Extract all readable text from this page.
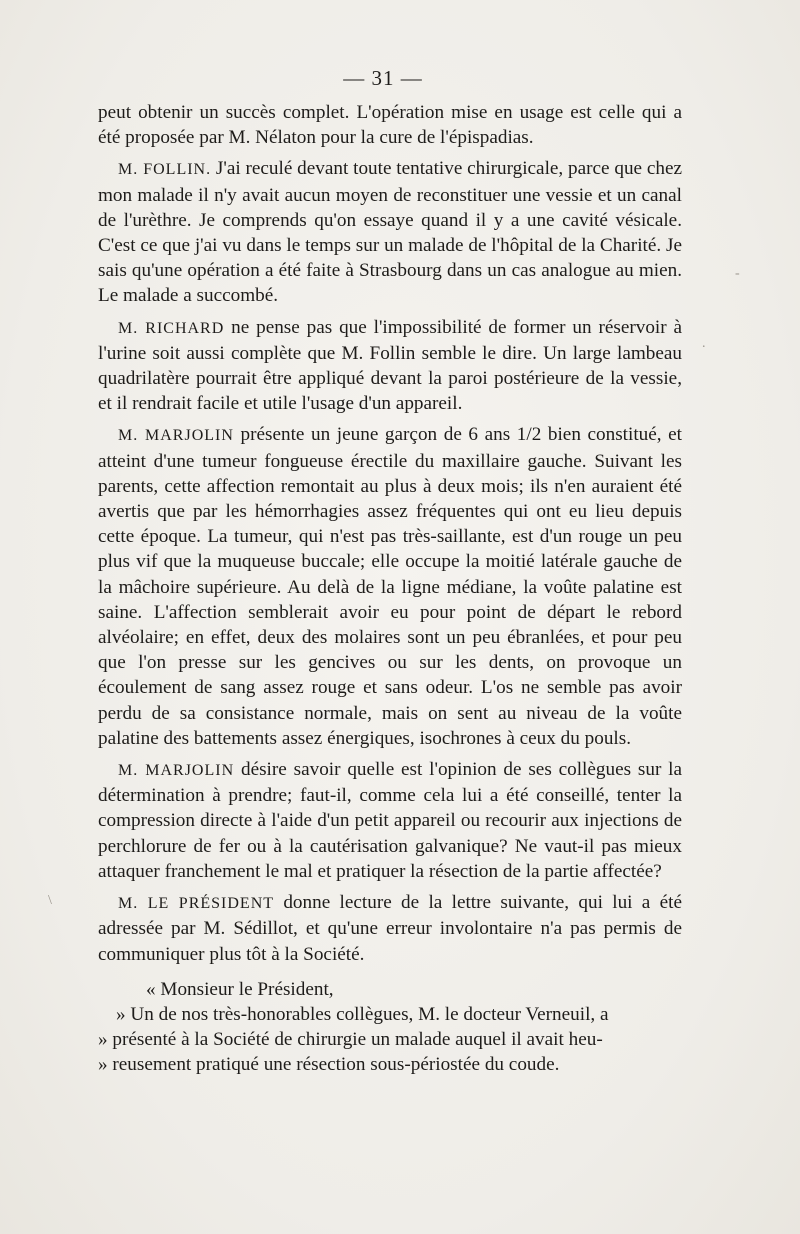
— 31 —

peut obtenir un succès complet. L'opération mise en usage est celle qui a été proposée par M. Nélaton pour la cure de l'épispadias.

M. FOLLIN. J'ai reculé devant toute tentative chirurgicale, parce que chez mon malade il n'y avait aucun moyen de reconstituer une vessie et un canal de l'urèthre. Je comprends qu'on essaye quand il y a une cavité vésicale. C'est ce que j'ai vu dans le temps sur un malade de l'hôpital de la Charité. Je sais qu'une opération a été faite à Strasbourg dans un cas analogue au mien. Le malade a succombé.

M. RICHARD ne pense pas que l'impossibilité de former un réservoir à l'urine soit aussi complète que M. Follin semble le dire. Un large lambeau quadrilatère pourrait être appliqué devant la paroi postérieure de la vessie, et il rendrait facile et utile l'usage d'un appareil.

M. MARJOLIN présente un jeune garçon de 6 ans 1/2 bien constitué, et atteint d'une tumeur fongueuse érectile du maxillaire gauche. Suivant les parents, cette affection remontait au plus à deux mois; ils n'en auraient été avertis que par les hémorrhagies assez fréquentes qui ont eu lieu depuis cette époque. La tumeur, qui n'est pas très-saillante, est d'un rouge un peu plus vif que la muqueuse buccale; elle occupe la moitié latérale gauche de la mâchoire supérieure. Au delà de la ligne médiane, la voûte palatine est saine. L'affection semblerait avoir eu pour point de départ le rebord alvéolaire; en effet, deux des molaires sont un peu ébranlées, et pour peu que l'on presse sur les gencives ou sur les dents, on provoque un écoulement de sang assez rouge et sans odeur. L'os ne semble pas avoir perdu de sa consistance normale, mais on sent au niveau de la voûte palatine des battements assez énergiques, isochrones à ceux du pouls.

M. MARJOLIN désire savoir quelle est l'opinion de ses collègues sur la détermination à prendre; faut-il, comme cela lui a été conseillé, tenter la compression directe à l'aide d'un petit appareil ou recourir aux injections de perchlorure de fer ou à la cautérisation galvanique? Ne vaut-il pas mieux attaquer franchement le mal et pratiquer la résection de la partie affectée?

M. LE PRÉSIDENT donne lecture de la lettre suivante, qui lui a été adressée par M. Sédillot, et qu'une erreur involontaire n'a pas permis de communiquer plus tôt à la Société.

« Monsieur le Président,

» Un de nos très-honorables collègues, M. le docteur Verneuil, a

» présenté à la Société de chirurgie un malade auquel il avait heu-

» reusement pratiqué une résection sous-périostée du coude.

-
.
\
